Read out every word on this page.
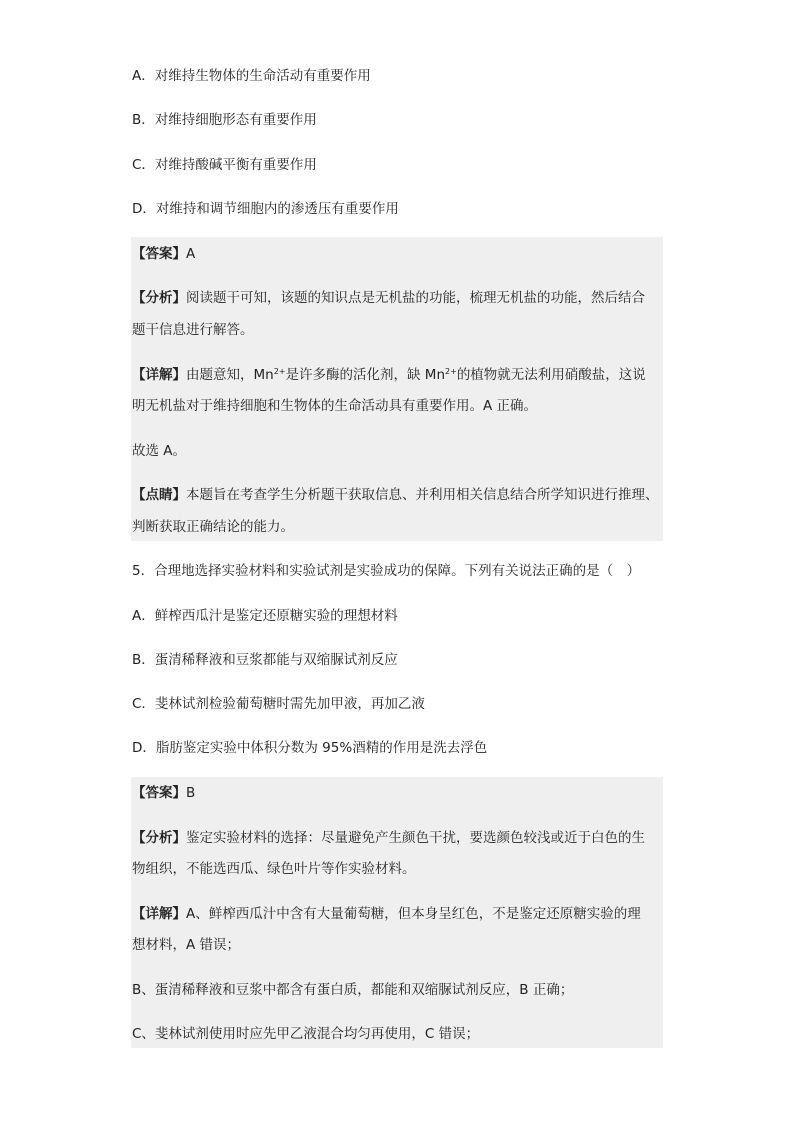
A．对维持生物体的生命活动有重要作用
B．对维持细胞形态有重要作用
C．对维持酸碱平衡有重要作用
D．对维持和调节细胞内的渗透压有重要作用
【答案】A
【分析】阅读题干可知，该题的知识点是无机盐的功能，梳理无机盐的功能，然后结合
题干信息进行解答。
【详解】由题意知，$Mn^{2+}$是许多酶的活化剂，缺 $Mn^{2+}$的植物就无法利用硝酸盐，这说
明无机盐对于维持细胞和生物体的生命活动具有重要作用。A 正确。
故选 A。
【点睛】本题旨在考查学生分析题干获取信息、并利用相关信息结合所学知识进行推理、
判断获取正确结论的能力。
5．合理地选择实验材料和实验试剂是实验成功的保障。下列有关说法正确的是（　）
A．鲜榨西瓜汁是鉴定还原糖实验的理想材料
B．蛋清稀释液和豆浆都能与双缩脲试剂反应
C．斐林试剂检验葡萄糖时需先加甲液，再加乙液
D．脂肪鉴定实验中体积分数为 95%酒精的作用是洗去浮色
【答案】B
【分析】鉴定实验材料的选择：尽量避免产生颜色干扰，要选颜色较浅或近于白色的生
物组织，不能选西瓜、绿色叶片等作实验材料。
【详解】A、鲜榨西瓜汁中含有大量葡萄糖，但本身呈红色，不是鉴定还原糖实验的理
想材料，A 错误；
B、蛋清稀释液和豆浆中都含有蛋白质，都能和双缩脲试剂反应，B 正确；
C、斐林试剂使用时应先甲乙液混合均匀再使用，C 错误；
